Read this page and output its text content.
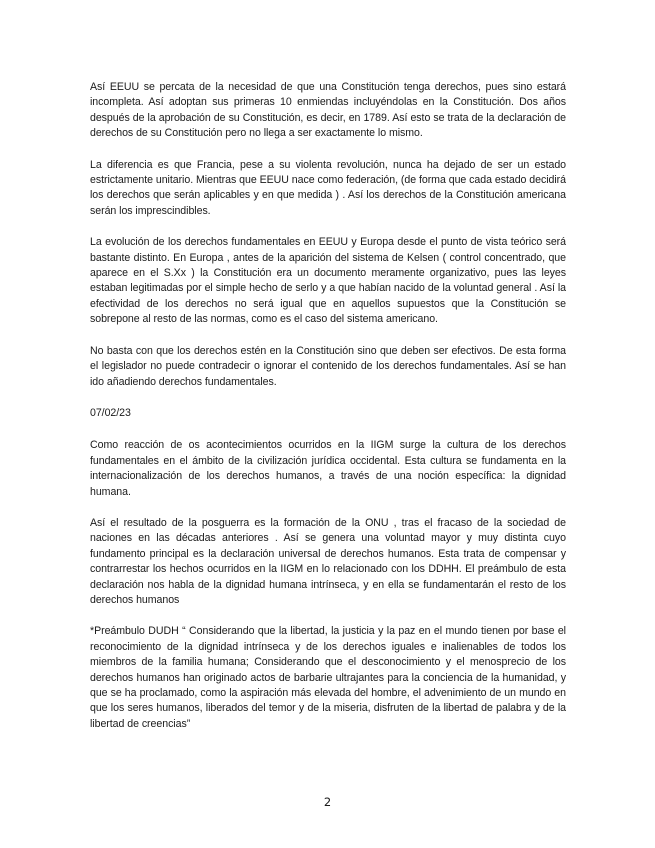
Así EEUU se percata de la necesidad de que una Constitución tenga derechos, pues sino estará incompleta. Así adoptan sus primeras 10 enmiendas incluyéndolas en la Constitución. Dos años después de la aprobación de su Constitución, es decir, en 1789. Así esto se trata de la declaración de derechos de su Constitución pero no llega a ser exactamente lo mismo.

La diferencia es que Francia, pese a su violenta revolución, nunca ha dejado de ser un estado estrictamente unitario. Mientras que EEUU nace como federación, (de forma que cada estado decidirá los derechos que serán aplicables y en que medida ) . Así los derechos de la Constitución americana serán los imprescindibles.

La evolución de los derechos fundamentales en EEUU y Europa desde el punto de vista teórico será bastante distinto. En Europa , antes de la aparición del sistema de Kelsen ( control concentrado, que aparece en el S.Xx ) la Constitución era un documento meramente organizativo, pues las leyes estaban legitimadas por el simple hecho de serlo y a que habían nacido de la voluntad general . Así la efectividad de los derechos no será igual que en aquellos supuestos que la Constitución se sobrepone al resto de las normas, como es el caso del sistema americano.

No basta con que los derechos estén en la Constitución sino que deben ser efectivos. De esta forma el legislador no puede contradecir o ignorar el contenido de los derechos fundamentales. Así se han ido añadiendo derechos fundamentales.

07/02/23

Como reacción de os acontecimientos ocurridos en la IIGM surge la cultura de los derechos fundamentales en el ámbito de la civilización jurídica occidental. Esta cultura se fundamenta en la internacionalización de los derechos humanos, a través de una noción específica: la dignidad humana.

Así el resultado de la posguerra es la formación de la ONU , tras el fracaso de la sociedad de naciones en las décadas anteriores . Así se genera una voluntad mayor y muy distinta cuyo fundamento principal es la declaración universal de derechos humanos. Esta trata de compensar y contrarrestar los hechos ocurridos en la IIGM en lo relacionado con los DDHH. El preámbulo de esta declaración nos habla de la dignidad humana intrínseca, y en ella se fundamentarán el resto de los derechos humanos

*Preámbulo DUDH “ Considerando que la libertad, la justicia y la paz en el mundo tienen por base el reconocimiento de la dignidad intrínseca y de los derechos iguales e inalienables de todos los miembros de la familia humana; Considerando que el desconocimiento y el menosprecio de los derechos humanos han originado actos de barbarie ultrajantes para la conciencia de la humanidad, y que se ha proclamado, como la aspiración más elevada del hombre, el advenimiento de un mundo en que los seres humanos, liberados del temor y de la miseria, disfruten de la libertad de palabra y de la libertad de creencias”

2
